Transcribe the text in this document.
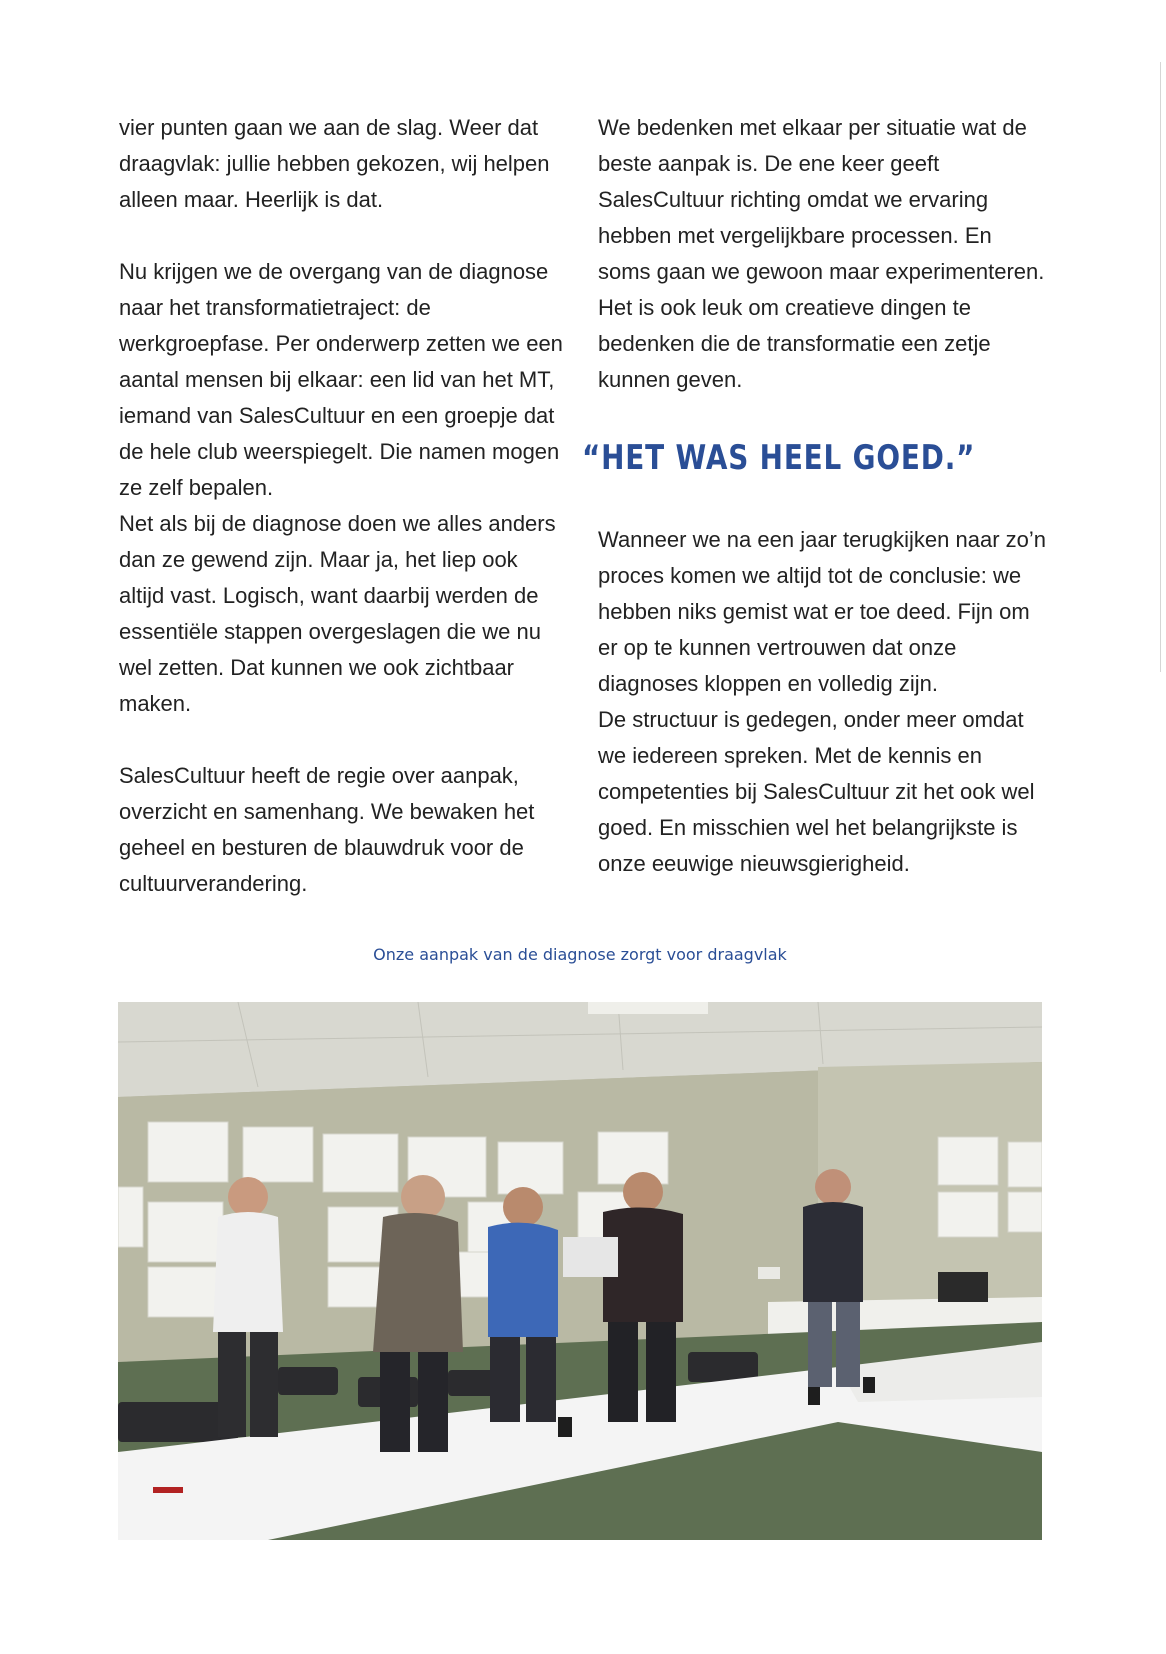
vier punten gaan we aan de slag. Weer dat draagvlak: jullie hebben gekozen, wij helpen alleen maar. Heerlijk is dat.

Nu krijgen we de overgang van de diagnose naar het transformatietraject: de werkgroepfase. Per onderwerp zetten we een aantal mensen bij elkaar: een lid van het MT, iemand van SalesCultuur en een groepje dat de hele club weerspiegelt. Die namen mogen ze zelf bepalen.

Net als bij de diagnose doen we alles anders dan ze gewend zijn. Maar ja, het liep ook altijd vast. Logisch, want daarbij werden de essentiële stappen overgeslagen die we nu wel zetten. Dat kunnen we ook zichtbaar maken.

SalesCultuur heeft de regie over aanpak, overzicht en samenhang. We bewaken het geheel en besturen de blauwdruk voor de cultuurverandering.

We bedenken met elkaar per situatie wat de beste aanpak is. De ene keer geeft SalesCultuur richting omdat we ervaring hebben met vergelijkbare processen. En soms gaan we gewoon maar experimenteren.

Het is ook leuk om creatieve dingen te bedenken die de transformatie een zetje kunnen geven.

“HET WAS HEEL GOED.”

Wanneer we na een jaar terugkijken naar zo’n proces komen we altijd tot de conclusie: we hebben niks gemist wat er toe deed. Fijn om er op te kunnen vertrouwen dat onze diagnoses kloppen en volledig zijn.

De structuur is gedegen, onder meer omdat we iedereen spreken. Met de kennis en competenties bij SalesCultuur zit het ook wel goed. En misschien wel het belangrijkste is onze eeuwige nieuwsgierigheid.

Onze aanpak van de diagnose zorgt voor draagvlak
